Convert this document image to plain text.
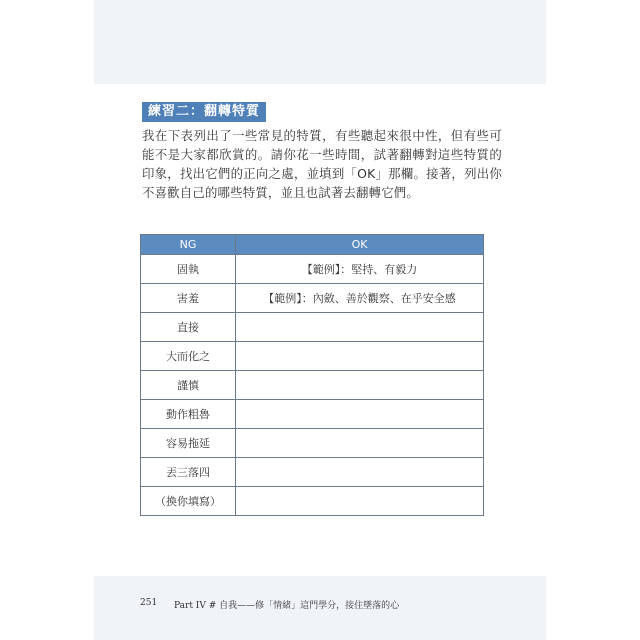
練習二：翻轉特質
我在下表列出了一些常見的特質，有些聽起來很中性，但有些可能不是大家都欣賞的。請你花一些時間，試著翻轉對這些特質的印象，找出它們的正向之處，並填到「OK」那欄。接著，列出你不喜歡自己的哪些特質，並且也試著去翻轉它們。
NG	OK
固執	【範例】：堅持、有毅力
害羞	【範例】：內斂、善於觀察、在乎安全感
直接	
大而化之	
謹慎	
動作粗魯	
容易拖延	
丟三落四	
（換你填寫）	
251 Part IV # 自我——修「情緒」這門學分，接住墜落的心
